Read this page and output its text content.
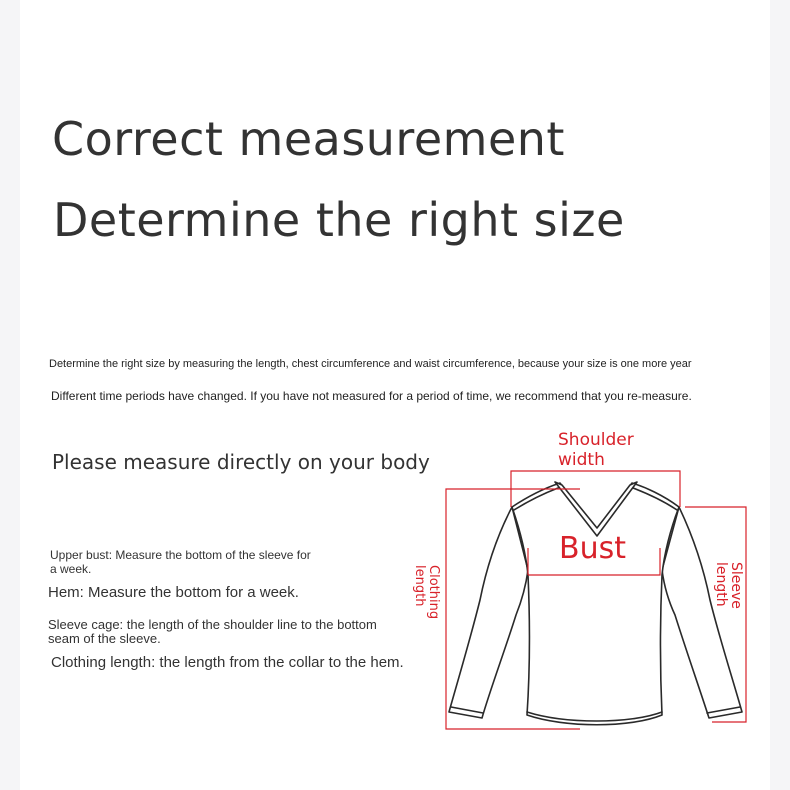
Correct measurement
Determine the right size
Determine the right size by measuring the length, chest circumference and waist circumference, because your size is one more year
Different time periods have changed. If you have not measured for a period of time, we recommend that you re-measure.
Please measure directly on your body
Upper bust: Measure the bottom of the sleeve for
a week.
Hem: Measure the bottom for a week.
Sleeve cage: the length of the shoulder line to the bottom
seam of the sleeve.
Clothing length: the length from the collar to the hem.
Shoulder
width
Bust
Clothing
length	Sleeve
length
